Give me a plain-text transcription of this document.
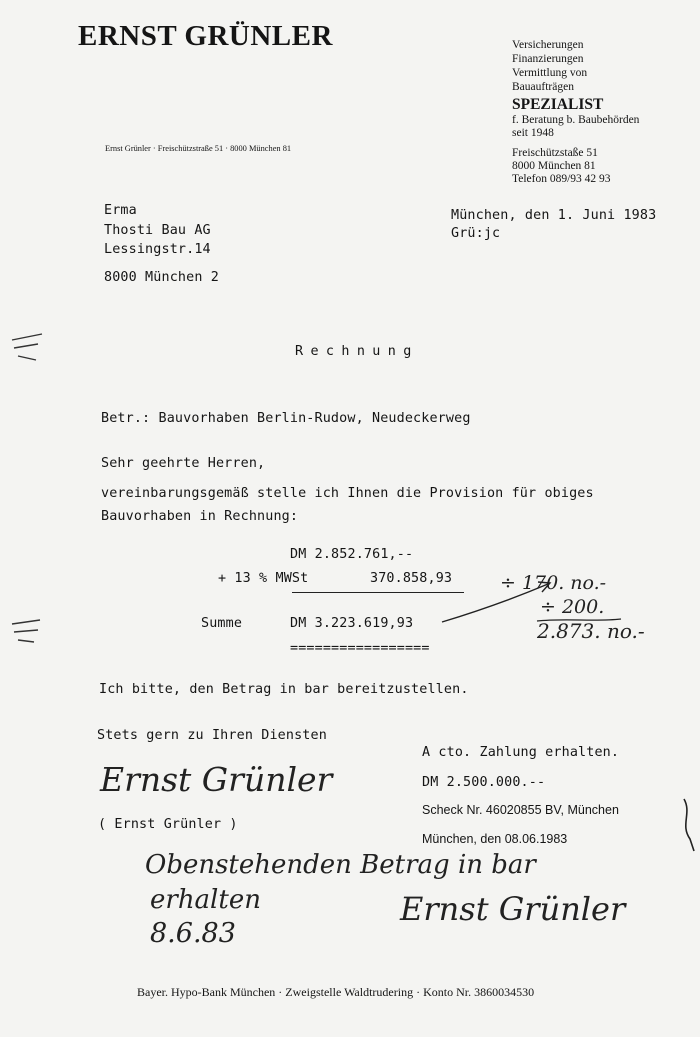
ERNST GRÜNLER
Ernst Grünler · Freischützstraße 51 · 8000 München 81
Versicherungen
Finanzierungen
Vermittlung von
Bauaufträgen
SPEZIALIST
f. Beratung b. Baubehörden
seit 1948
Freischützstaße 51
8000 München 81
Telefon 089/93 42 93
Erma
Thosti Bau AG
Lessingstr.14
8000 München 2
München, den 1. Juni 1983
Grü:jc
Rechnung
Betr.: Bauvorhaben Berlin-Rudow, Neudeckerweg
Sehr geehrte Herren,
vereinbarungsgemäß stelle ich Ihnen die Provision für obiges
Bauvorhaben in Rechnung:
DM 2.852.761,--
+ 13 % MWSt	370.858,93
Summe	DM 3.223.619,93
=================
÷ 170. no.-
÷ 200.
2.873. no.-
Ich bitte, den Betrag in bar bereitzustellen.
Stets gern zu Ihren Diensten
Ernst Grünler
( Ernst Grünler )
A cto. Zahlung erhalten.
DM 2.500.000.--
Scheck Nr. 46020855 BV, München
München, den 08.06.1983
Obenstehenden Betrag in bar
erhalten
8.6.83
Ernst Grünler
Bayer. Hypo-Bank München · Zweigstelle Waldtrudering · Konto Nr. 3860034530
